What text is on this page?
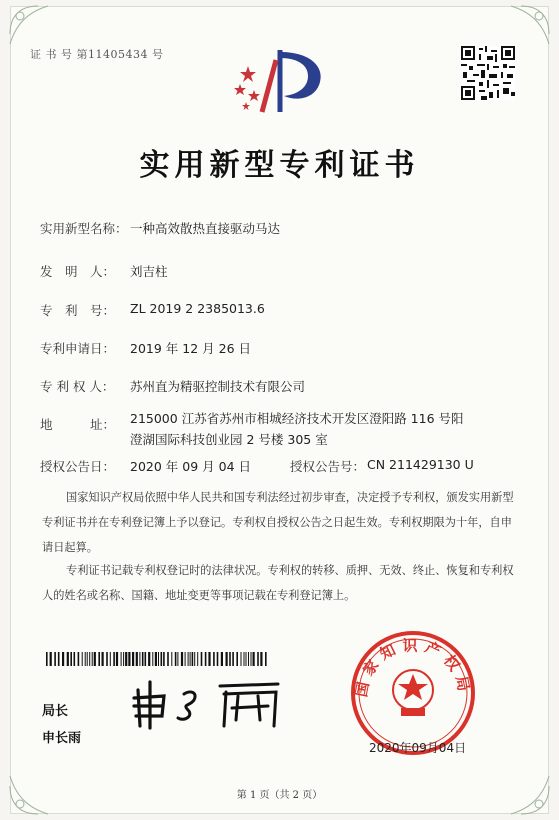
证 书 号 第11405434 号
实用新型专利证书
实用新型名称： 一种高效散热直接驱动马达
发　明　人： 刘吉柱
专　利　号： ZL 2019 2 2385013.6
专利申请日： 2019 年 12 月 26 日
专 利 权 人： 苏州直为精驱控制技术有限公司
地　　　址： 215000 江苏省苏州市相城经济技术开发区澄阳路 116 号阳
澄湖国际科技创业园 2 号楼 305 室
授权公告日： 2020 年 09 月 04 日	授权公告号： CN 211429130 U
国家知识产权局依照中华人民共和国专利法经过初步审查，决定授予专利权，颁发实用新型专利证书并在专利登记簿上予以登记。专利权自授权公告之日起生效。专利权期限为十年，自申请日起算。
专利证书记载专利权登记时的法律状况。专利权的转移、质押、无效、终止、恢复和专利权人的姓名或名称、国籍、地址变更等事项记载在专利登记簿上。
局长
申长雨
国家知识产权局
2020年09月04日
第 1 页（共 2 页）
